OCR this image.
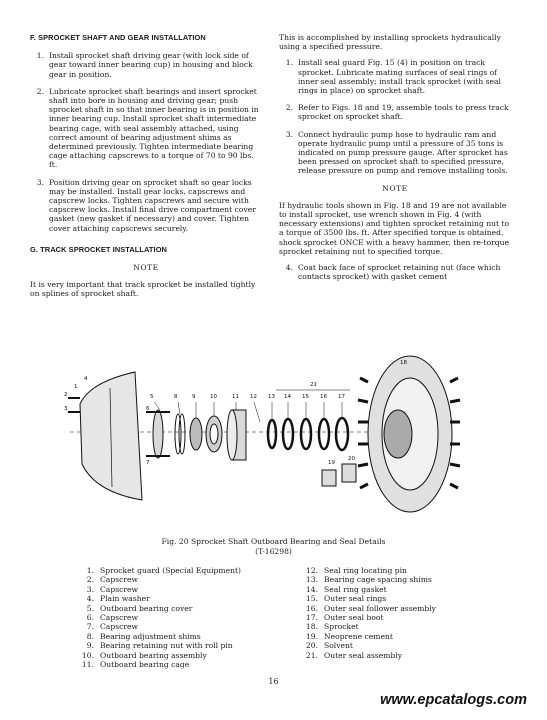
F. SPROCKET SHAFT AND GEAR INSTALLATION
1. Install sprocket shaft driving gear (with lock side of gear toward inner bearing cup) in housing and block gear in position.
2. Lubricate sprocket shaft bearings and insert sprocket shaft into bore in housing and driving gear; push sprocket shaft in so that inner bearing is in position in inner bearing cup. Install sprocket shaft intermediate bearing cage, with seal assembly attached, using correct amount of bearing adjustment shims as determined previously. Tighten intermediate bearing cage attaching capscrews to a torque of 70 to 90 lbs. ft.
3. Position driving gear on sprocket shaft so gear locks may be installed. Install gear locks, capscrews and capscrew locks. Tighten capscrews and secure with capscrew locks. Install final drive compartment cover gasket (new gasket if necessary) and cover. Tighten cover attaching capscrews securely.
G. TRACK SPROCKET INSTALLATION
NOTE
It is very important that track sprocket be installed tightly on splines of sprocket shaft.
This is accomplished by installing sprockets hydraulically using a specified pressure.
1. Install seal guard Fig. 15 (4) in position on track sprocket. Lubricate mating surfaces of seal rings of inner seal assembly; install track sprocket (with seal rings in place) on sprocket shaft.
2. Refer to Figs. 18 and 19, assemble tools to press track sprocket on sprocket shaft.
3. Connect hydraulic pump hose to hydraulic ram and operate hydraulic pump until a pressure of 35 tons is indicated on pump pressure gauge. After sprocket has been pressed on sprocket shaft to specified pressure, release pressure on pump and remove installing tools.
NOTE
If hydraulic tools shown in Fig. 18 and 19 are not available to install sprocket, use wrench shown in Fig. 4 (with necessary extensions) and tighten sprocket retaining nut to a torque of 3500 lbs. ft. After specified torque is obtained, shock sprocket ONCE with a heavy hammer, then re-torque sprocket retaining nut to specified torque.
4. Coat back face of sprocket retaining nut (face which contacts sprocket) with gasket cement
1
2
3
4
5
6
7
8	9	10	11 12 13 14 15 16 17
18
19
20
21
Fig. 20 Sprocket Shaft Outboard Bearing and Seal Details
(T-16298)
1. Sprocket guard (Special Equipment)
2. Capscrew
3. Capscrew
4. Plain washer
5. Outboard bearing cover
6. Capscrew
7. Capscrew
8. Bearing adjustment shims
9. Bearing retaining nut with roll pin
10. Outboard bearing assembly
11. Outboard bearing cage
12. Seal ring locating pin
13. Bearing cage spacing shims
14. Seal ring gasket
15. Outer seal rings
16. Outer seal follower assembly
17. Outer seal boot
18. Sprocket
19. Neoprene cement
20. Solvent
21. Outer seal assembly
16
www.epcatalogs.com
